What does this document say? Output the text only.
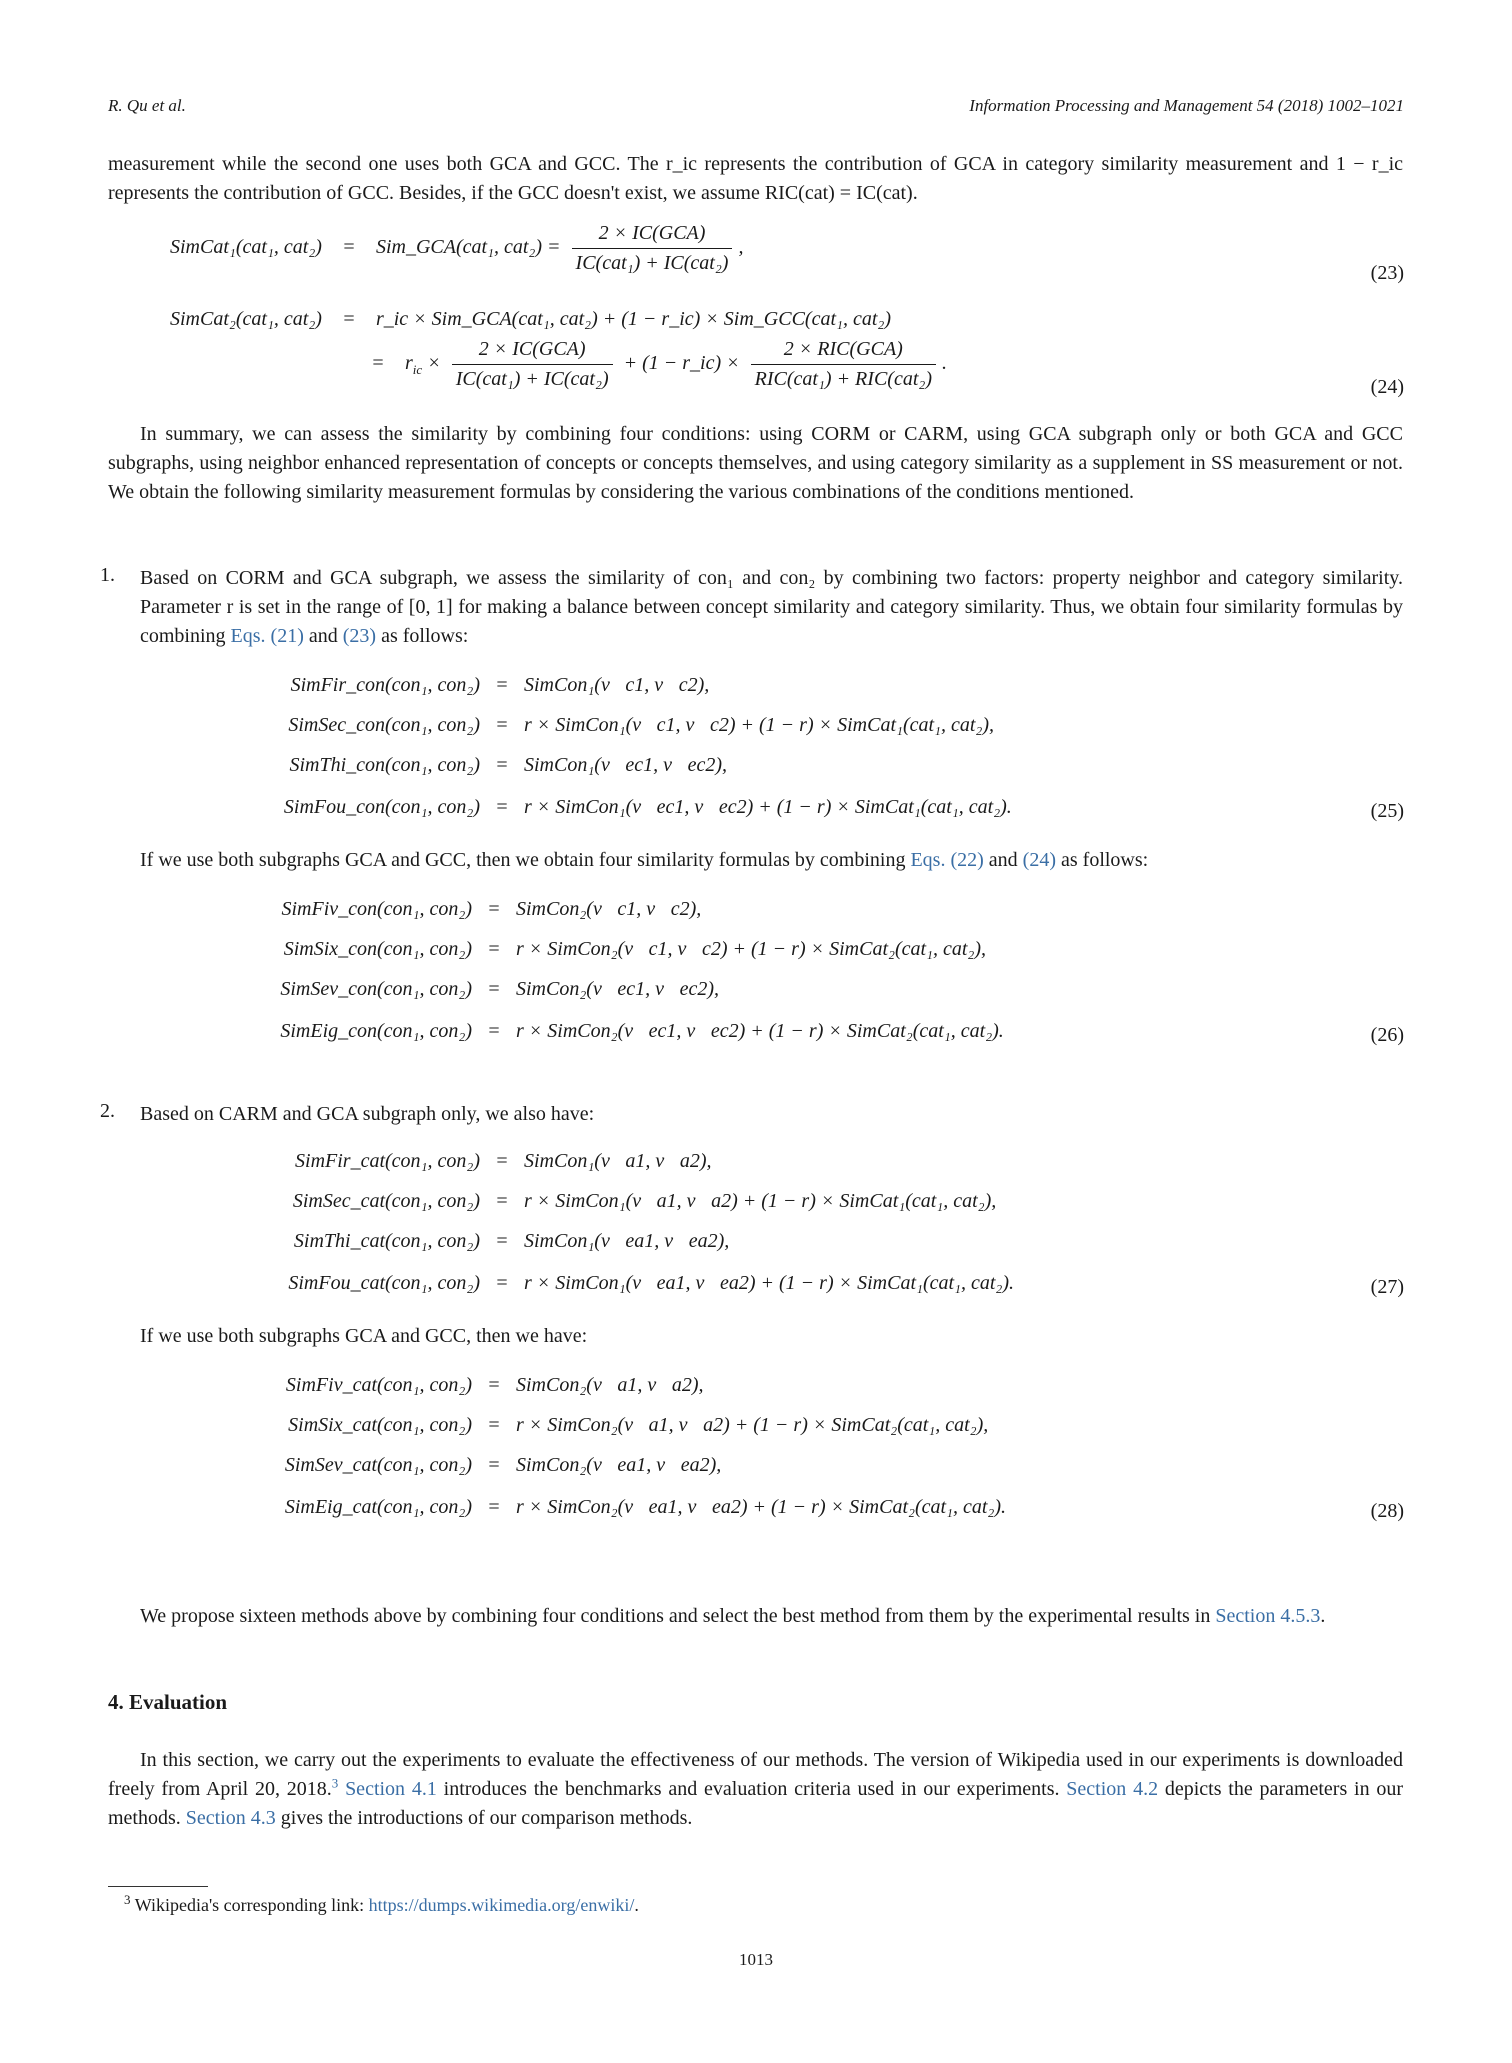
R. Qu et al.	Information Processing and Management 54 (2018) 1002–1021
measurement while the second one uses both GCA and GCC. The r_ic represents the contribution of GCA in category similarity measurement and 1 − r_ic represents the contribution of GCC. Besides, if the GCC doesn't exist, we assume RIC(cat) = IC(cat).
SimCat₁(cat₁, cat₂) = Sim_GCA(cat₁, $cat_2) = \frac{\text{2 × IC(GCA)}}{\text{IC(cat₁) + IC(cat₂)}}$ ,
(23)
SimCat₂(cat₁, cat₂) = r_ic × Sim_GCA(cat₁, cat₂) + (1 − r_ic) × Sim_GCC(cat₁, cat₂)
= $r_{ic} \times \frac{\text{2 × IC(GCA)}}{\text{IC(cat₁) + IC(cat₂)}} + (1$ − r_ic) × $\frac{\text{2 × RIC(GCA)}}{\text{RIC(cat₁) + RIC(cat₂)}}$ .
(24)
In summary, we can assess the similarity by combining four conditions: using CORM or CARM, using GCA subgraph only or both GCA and GCC subgraphs, using neighbor enhanced representation of concepts or concepts themselves, and using category similarity as a supplement in SS measurement or not. We obtain the following similarity measurement formulas by considering the various combinations of the conditions mentioned.
1. Based on CORM and GCA subgraph, we assess the similarity of con₁ and con₂ by combining two factors: property neighbor and category similarity. Parameter r is set in the range of [0, 1] for making a balance between concept similarity and category similarity. Thus, we obtain four similarity formulas by combining Eqs. (21) and (23) as follows:
SimFir_con(con₁, con₂) = SimCon₁(v⃗c1, v⃗c2),
SimSec_con(con₁, con₂) = r × SimCon₁(v⃗c1, v⃗c2) + (1 − r) × SimCat₁(cat₁, cat₂),
SimThi_con(con₁, con₂) = SimCon₁(v⃗ec1, v⃗ec2),
SimFou_con(con₁, con₂) = r × SimCon₁(v⃗ec1, v⃗ec2) + (1 − r) × SimCat₁(cat₁, cat₂).	(25)
If we use both subgraphs GCA and GCC, then we obtain four similarity formulas by combining Eqs. (22) and (24) as follows:
SimFiv_con(con₁, con₂) = SimCon₂(v⃗c1, v⃗c2),
SimSix_con(con₁, con₂) = r × SimCon₂(v⃗c1, v⃗c2) + (1 − r) × SimCat₂(cat₁, cat₂),
SimSev_con(con₁, con₂) = SimCon₂(v⃗ec1, v⃗ec2),
SimEig_con(con₁, con₂) = r × SimCon₂(v⃗ec1, v⃗ec2) + (1 − r) × SimCat₂(cat₁, cat₂).	(26)
2. Based on CARM and GCA subgraph only, we also have:
SimFir_cat(con₁, con₂) = SimCon₁(v⃗a1, v⃗a2),
SimSec_cat(con₁, con₂) = r × SimCon₁(v⃗a1, v⃗a2) + (1 − r) × SimCat₁(cat₁, cat₂),
SimThi_cat(con₁, con₂) = SimCon₁(v⃗ea1, v⃗ea2),
SimFou_cat(con₁, con₂) = r × SimCon₁(v⃗ea1, v⃗ea2) + (1 − r) × SimCat₁(cat₁, cat₂).	(27)
If we use both subgraphs GCA and GCC, then we have:
SimFiv_cat(con₁, con₂) = SimCon₂(v⃗a1, v⃗a2),
SimSix_cat(con₁, con₂) = r × SimCon₂(v⃗a1, v⃗a2) + (1 − r) × SimCat₂(cat₁, cat₂),
SimSev_cat(con₁, con₂) = SimCon₂(v⃗ea1, v⃗ea2),
SimEig_cat(con₁, con₂) = r × SimCon₂(v⃗ea1, v⃗ea2) + (1 − r) × SimCat₂(cat₁, cat₂).	(28)
We propose sixteen methods above by combining four conditions and select the best method from them by the experimental results in Section 4.5.3.
4. Evaluation
In this section, we carry out the experiments to evaluate the effectiveness of our methods. The version of Wikipedia used in our experiments is downloaded freely from April 20, 2018.$^3$ Section 4.1 introduces the benchmarks and evaluation criteria used in our experiments. Section 4.2 depicts the parameters in our methods. Section 4.3 gives the introductions of our comparison methods.
$^3$ Wikipedia's corresponding link: https://dumps.wikimedia.org/enwiki/.
1013
